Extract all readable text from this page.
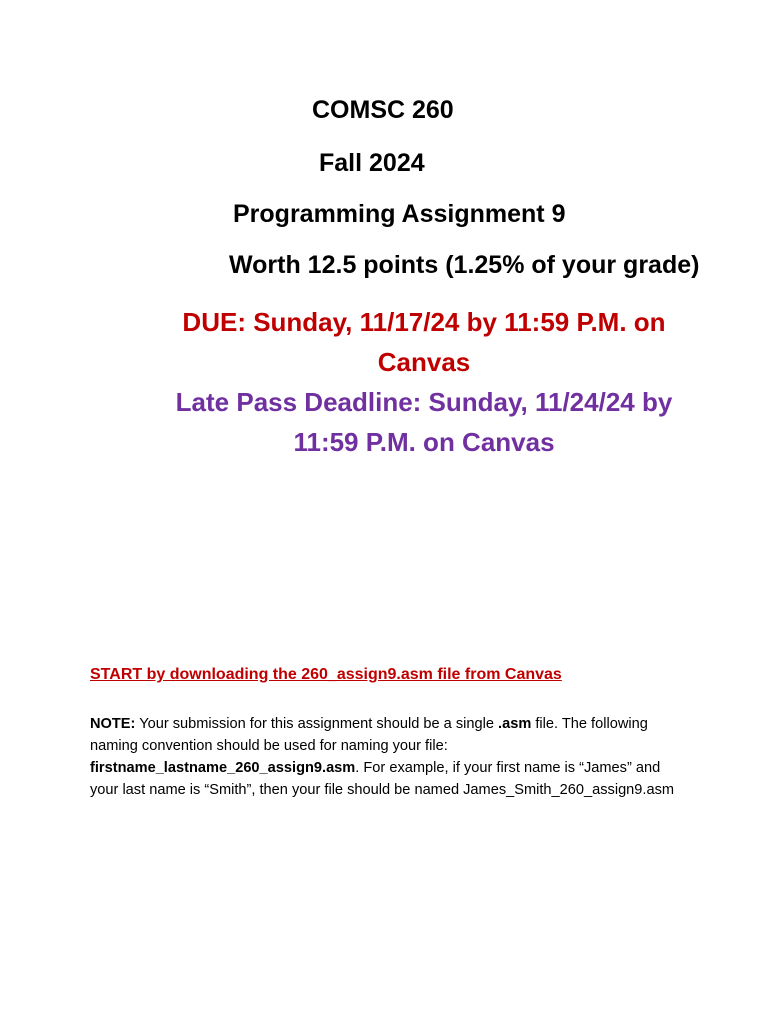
COMSC 260
Fall 2024
Programming Assignment 9
Worth 12.5 points (1.25% of your grade)
DUE: Sunday, 11/17/24 by 11:59 P.M. on
Canvas
Late Pass Deadline: Sunday, 11/24/24 by
11:59 P.M. on Canvas
START by downloading the 260_assign9.asm file from Canvas

NOTE: Your submission for this assignment should be a single .asm file. The following

naming convention should be used for naming your file:

firstname_lastname_260_assign9.asm. For example, if your first name is “James” and

your last name is “Smith”, then your file should be named James_Smith_260_assign9.asm
